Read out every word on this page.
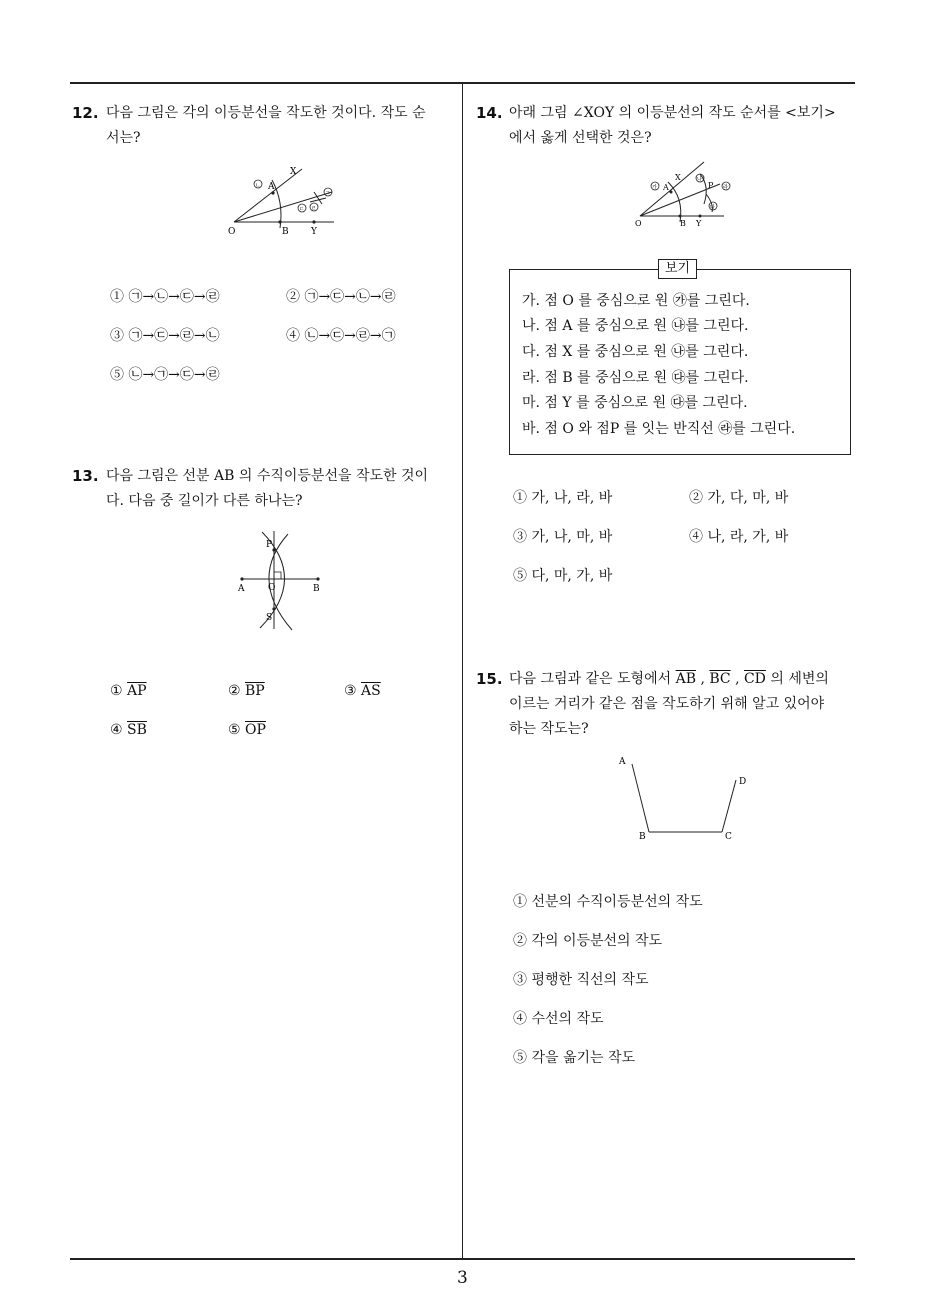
12. 다음 그림은 각의 이등분선을 작도한 것이다. 작도 순
서는?
X
A
O	B Y
ㄴ
ㄱ
ㄷ ㄹ
① ㉠→㉡→㉢→㉣	② ㉠→㉢→㉡→㉣
③ ㉠→㉢→㉣→㉡	④ ㉡→㉢→㉣→㉠
⑤ ㉡→㉠→㉢→㉣
13. 다음 그림은 선분 AB 의 수직이등분선을 작도한 것이
다. 다음 중 길이가 다른 하나는?
P
A	O	B
S
① $\overline{AP}$	② $\overline{BP}$	③ $\overline{AS}$
④ $\overline{SB}$	⑤ $\overline{OP}$
14. 아래 그림 ∠XOY 의 이등분선의 작도 순서를 <보기>
에서 옳게 선택한 것은?
A
X
P
O	B Y
가
나
라
다
보기
가. 점 O 를 중심으로 원 ㉮를 그린다.
나. 점 A 를 중심으로 원 ㉯를 그린다.
다. 점 X 를 중심으로 원 ㉯를 그린다.
라. 점 B 를 중심으로 원 ㉰를 그린다.
마. 점 Y 를 중심으로 원 ㉰를 그린다.
바. 점 O 와 점P 를 잇는 반직선 ㉱를 그린다.
① 가, 나, 라, 바	② 가, 다, 마, 바
③ 가, 나, 마, 바	④ 나, 라, 가, 바
⑤ 다, 마, 가, 바
15. 다음 그림과 같은 도형에서 $\overline{AB}$ , $\overline{BC}$ , $\overline{CD}$ 의 세변의
이르는 거리가 같은 점을 작도하기 위해 알고 있어야
하는 작도는?
A
B	C
D
① 선분의 수직이등분선의 작도
② 각의 이등분선의 작도
③ 평행한 직선의 작도
④ 수선의 작도
⑤ 각을 옮기는 작도
3
